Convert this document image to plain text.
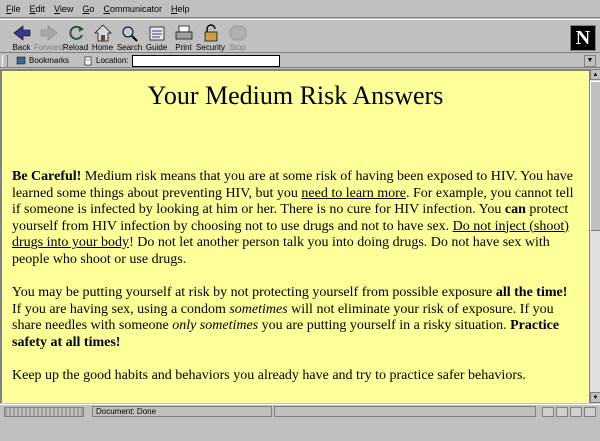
File Edit View Go Communicator Help
Back Forward Reload Home Search Guide Print Security Stop	N
Bookmarks	Location:	▼
Your Medium Risk Answers

Be Careful! Medium risk means that you are at some risk of having been exposed to HIV. You have learned some things about preventing HIV, but you need to learn more. For example, you cannot tell if someone is infected by looking at him or her. There is no cure for HIV infection. You can protect yourself from HIV infection by choosing not to use drugs and not to have sex. Do not inject (shoot) drugs into your body! Do not let another person talk you into doing drugs. Do not have sex with people who shoot or use drugs.

You may be putting yourself at risk by not protecting yourself from possible exposure all the time! If you are having sex, using a condom sometimes will not eliminate your risk of exposure. If you share needles with someone only sometimes you are putting yourself in a risky situation. Practice safety at all times!

Keep up the good habits and behaviors you already have and try to practice safer behaviors.

▲
▼
Document: Done
